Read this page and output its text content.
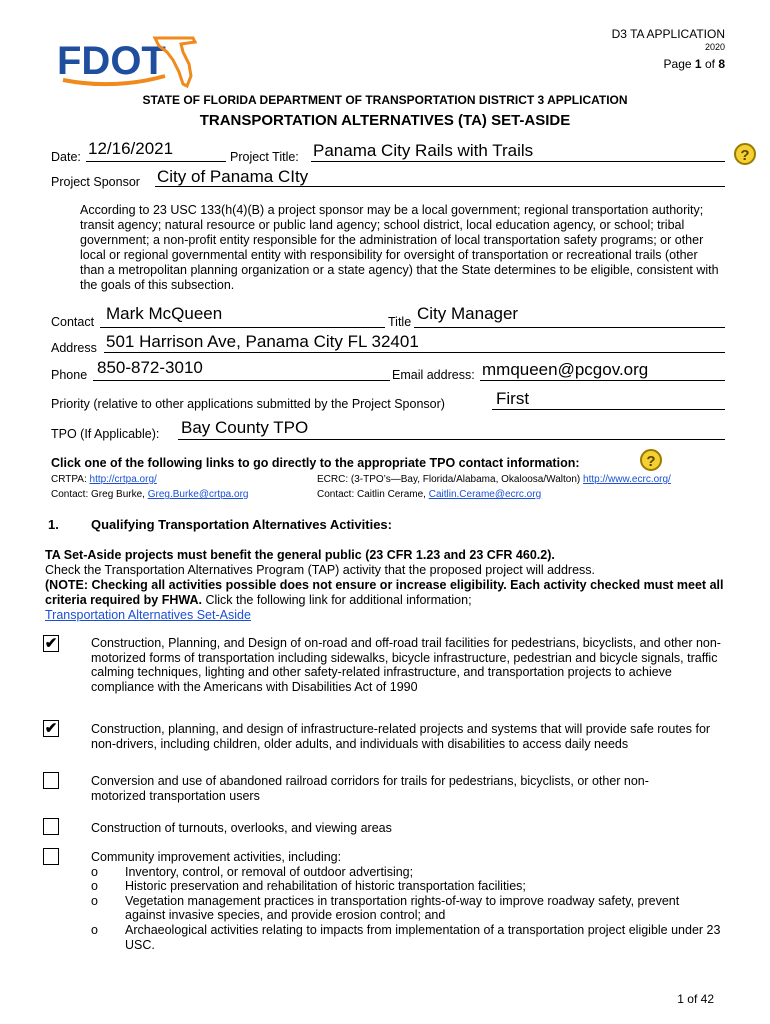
FDOT
D3 TA APPLICATION
2020
Page 1 of 8
STATE OF FLORIDA DEPARTMENT OF TRANSPORTATION DISTRICT 3 APPLICATION
TRANSPORTATION ALTERNATIVES (TA) SET-ASIDE
Date: 12/16/2021	Project Title: Panama City Rails with Trails	?
Project Sponsor City of Panama CIty
According to 23 USC 133(h(4)(B) a project sponsor may be a local government; regional transportation authority; transit agency; natural resource or public land agency; school district, local education agency, or school; tribal government; a non-profit entity responsible for the administration of local transportation safety programs; or other local or regional governmental entity with responsibility for oversight of transportation or recreational trails (other than a metropolitan planning organization or a state agency) that the State determines to be eligible, consistent with the goals of this subsection.
Contact Mark McQueen	Title City Manager
Address 501 Harrison Ave, Panama City FL 32401
Phone 850-872-3010	Email address: mmqueen@pcgov.org
Priority (relative to other applications submitted by the Project Sponsor)	First
TPO (If Applicable): Bay County TPO
Click one of the following links to go directly to the appropriate TPO contact information:	?
CRTPA: http://crtpa.org/
Contact: Greg Burke, Greg.Burke@crtpa.org
ECRC: (3-TPO’s—Bay, Florida/Alabama, Okaloosa/Walton) http://www.ecrc.org/
Contact: Caitlin Cerame, Caitlin.Cerame@ecrc.org
1. Qualifying Transportation Alternatives Activities:
TA Set-Aside projects must benefit the general public (23 CFR 1.23 and 23 CFR 460.2).
Check the Transportation Alternatives Program (TAP) activity that the proposed project will address.
(NOTE: Checking all activities possible does not ensure or increase eligibility. Each activity checked must meet all criteria required by FHWA. Click the following link for additional information;
Transportation Alternatives Set-Aside
✔	Construction, Planning, and Design of on-road and off-road trail facilities for pedestrians, bicyclists, and other non-motorized forms of transportation including sidewalks, bicycle infrastructure, pedestrian and bicycle signals, traffic calming techniques, lighting and other safety-related infrastructure, and transportation projects to achieve compliance with the Americans with Disabilities Act of 1990
✔	Construction, planning, and design of infrastructure-related projects and systems that will provide safe routes for non-drivers, including children, older adults, and individuals with disabilities to access daily needs
Conversion and use of abandoned railroad corridors for trails for pedestrians, bicyclists, or other non-motorized transportation users
Construction of turnouts, overlooks, and viewing areas
Community improvement activities, including:
o Inventory, control, or removal of outdoor advertising;
o Historic preservation and rehabilitation of historic transportation facilities;
o Vegetation management practices in transportation rights-of-way to improve roadway safety, prevent against invasive species, and provide erosion control; and
o Archaeological activities relating to impacts from implementation of a transportation project eligible under 23 USC.
1 of 42
